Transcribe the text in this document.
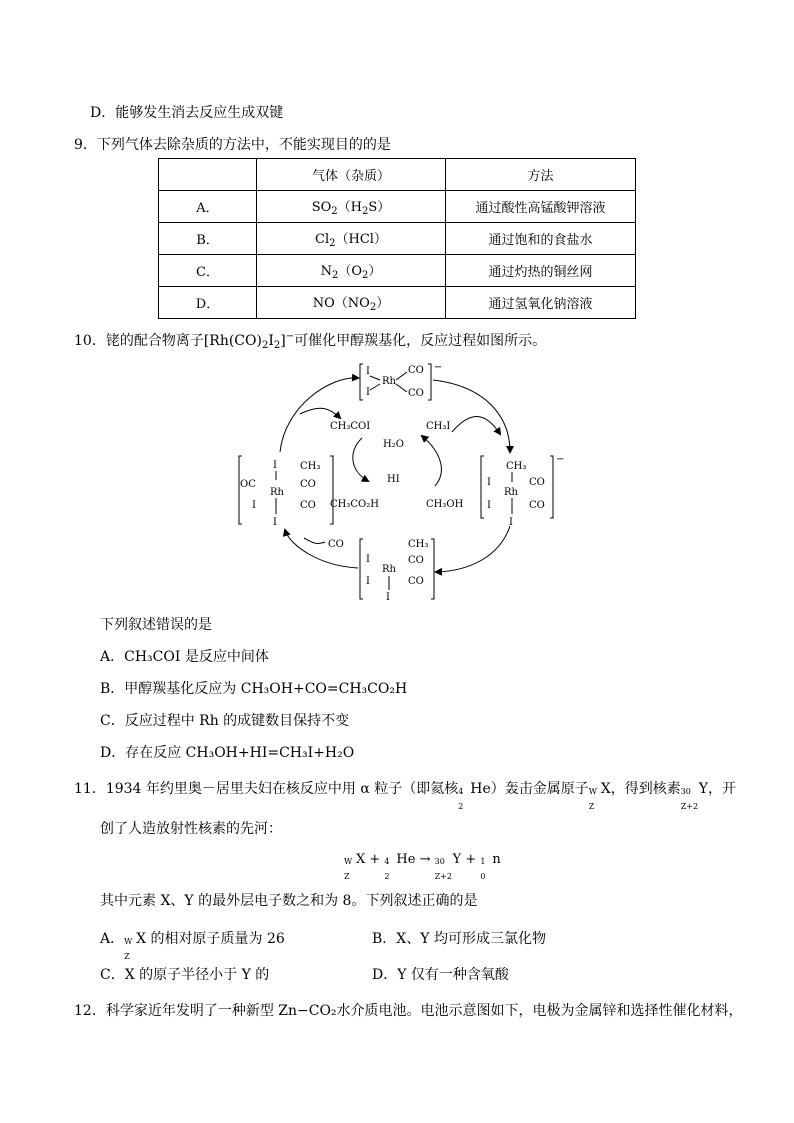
D．能够发生消去反应生成双键
9．下列气体去除杂质的方法中，不能实现目的的是
	气体（杂质）	方法
A．	$SO_2(H_2S)$	通过酸性高锰酸钾溶液
B．	$Cl_2(HCl)$	通过饱和的食盐水
C．	$N_2(O_2)$	通过灼热的铜丝网
D．	$NO(NO_2)$	通过氢氧化钠溶液
10．铑的配合物离子$[Rh(CO)_2I_2]^-$可催化甲醇羰基化，反应过程如图所示。
I
I
Rh
CO
CO
−
CH₃
Rh
I
I
CO
CO
I
−
CH₃
CO
CO
Rh
I
I
I
I CH₃
CO
OC
Rh
I	CO
I
CH₃COI
H₂O
HI
CH₃I
CH₃CO₂H	CH₃OH
CO
下列叙述错误的是
A．CH₃COI 是反应中间体
B．甲醇羰基化反应为 CH₃OH+CO=CH₃CO₂H
C．反应过程中 Rh 的成键数目保持不变
D．存在反应 CH₃OH+HI=CH₃I+H₂O
11．1934 年约里奥－居里夫妇在核反应中用 α 粒子（即氦核 4
2
He）轰击金属原子 W
Z
X，得到核素 30
Z+2
Y，开
创了人造放射性核素的先河：
W
Z
X + 4
2
He → 30
Z+2
Y + 1
0
n
其中元素 X、Y 的最外层电子数之和为 8。下列叙述正确的是
A． W
Z
X 的相对原子质量为 26	B．X、Y 均可形成三氯化物
C．X 的原子半径小于 Y 的	D．Y 仅有一种含氧酸
12．科学家近年发明了一种新型 Zn−CO₂水介质电池。电池示意图如下，电极为金属锌和选择性催化材料，
